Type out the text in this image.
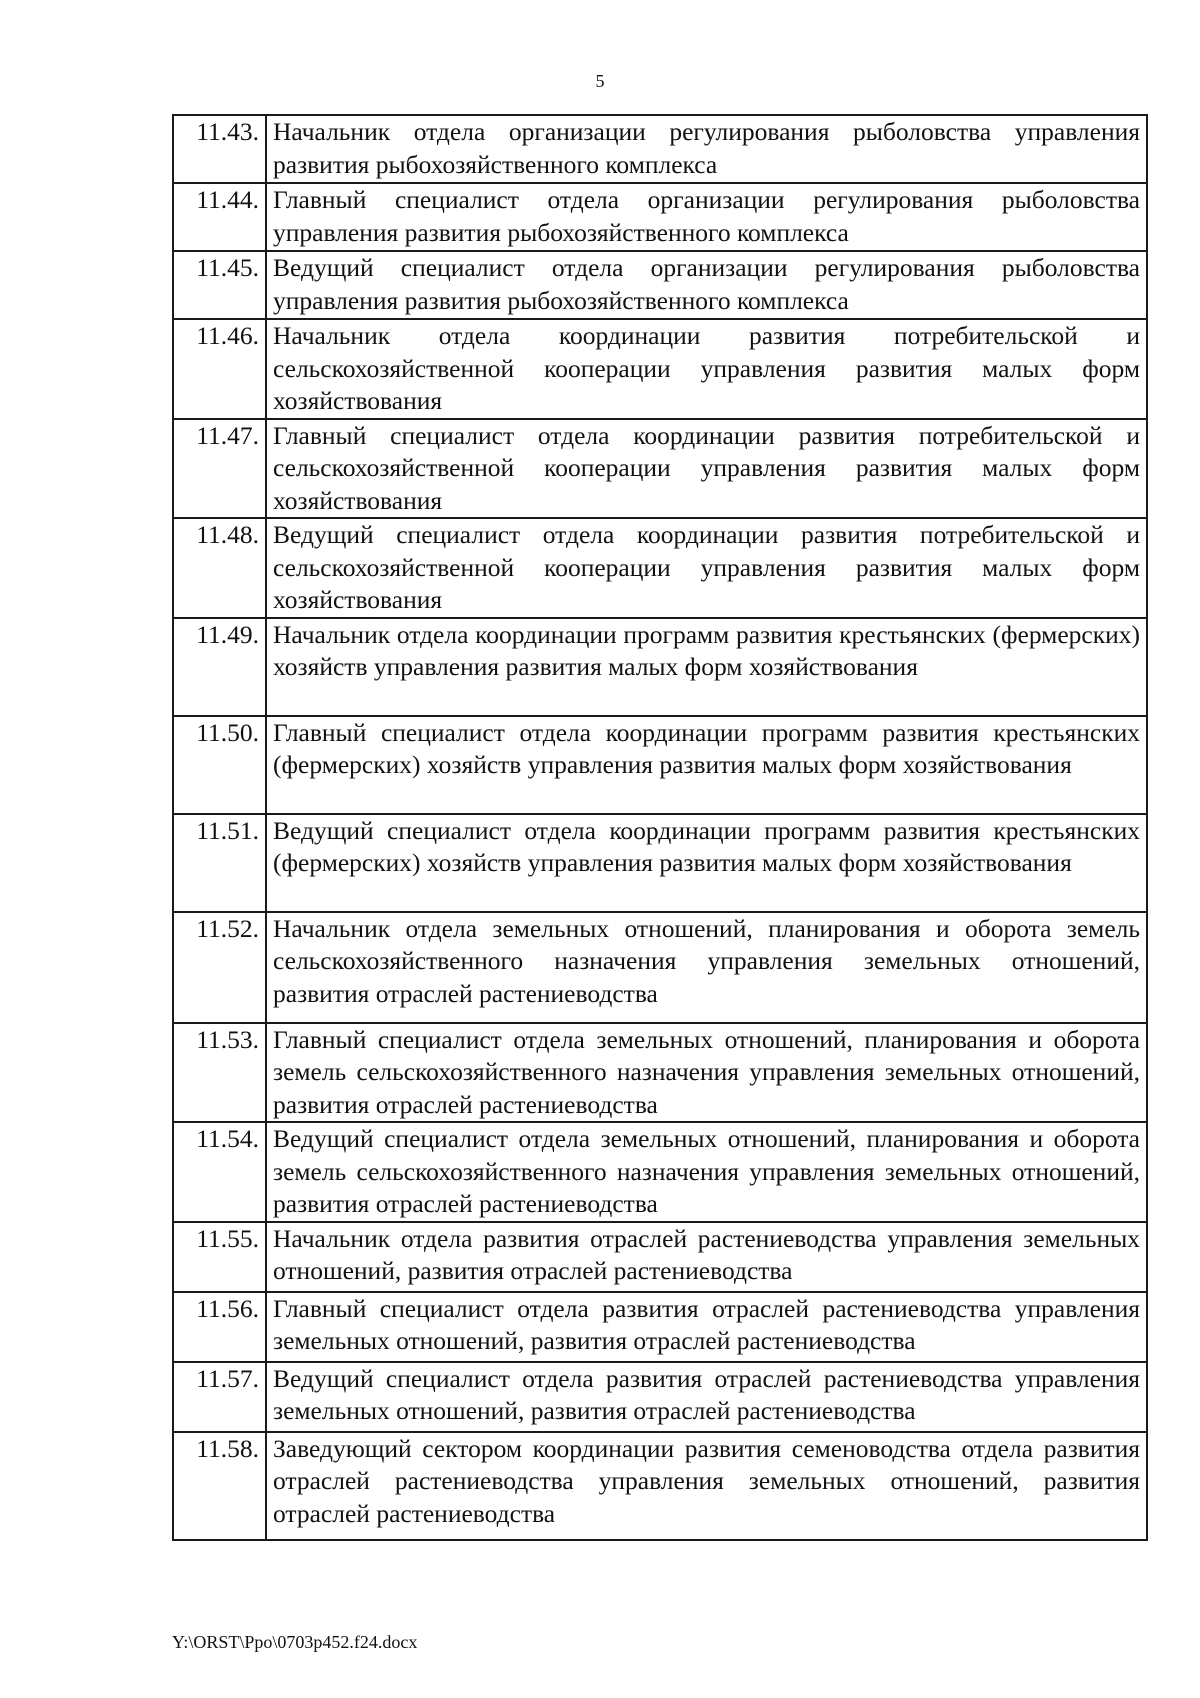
5
11.43.	Начальник отдела организации регулирования рыболовства управления развития рыбохозяйственного комплекса
11.44.	Главный специалист отдела организации регулирования рыболовства управления развития рыбохозяйственного комплекса
11.45.	Ведущий специалист отдела организации регулирования рыболовства управления развития рыбохозяйственного комплекса
11.46.	Начальник отдела координации развития потребительской и сельскохозяйственной кооперации управления развития малых форм хозяйствования
11.47.	Главный специалист отдела координации развития потребительской и сельскохозяйственной кооперации управления развития малых форм хозяйствования
11.48.	Ведущий специалист отдела координации развития потребительской и сельскохозяйственной кооперации управления развития малых форм хозяйствования
11.49.	Начальник отдела координации программ развития крестьянских (фермерских) хозяйств управления развития малых форм хозяйствования
11.50.	Главный специалист отдела координации программ развития крестьянских (фермерских) хозяйств управления развития малых форм хозяйствования
11.51.	Ведущий специалист отдела координации программ развития крестьянских (фермерских) хозяйств управления развития малых форм хозяйствования
11.52.	Начальник отдела земельных отношений, планирования и оборота земель сельскохозяйственного назначения управления земельных отношений, развития отраслей растениеводства
11.53.	Главный специалист отдела земельных отношений, планирования и оборота земель сельскохозяйственного назначения управления земельных отношений, развития отраслей растениеводства
11.54.	Ведущий специалист отдела земельных отношений, планирования и оборота земель сельскохозяйственного назначения управления земельных отношений, развития отраслей растениеводства
11.55.	Начальник отдела развития отраслей растениеводства управления земельных отношений, развития отраслей растениеводства
11.56.	Главный специалист отдела развития отраслей растениеводства управления земельных отношений, развития отраслей растениеводства
11.57.	Ведущий специалист отдела развития отраслей растениеводства управления земельных отношений, развития отраслей растениеводства
11.58.	Заведующий сектором координации развития семеноводства отдела развития отраслей растениеводства управления земельных отношений, развития отраслей растениеводства
Y:\ORST\Ppo\0703p452.f24.docx
